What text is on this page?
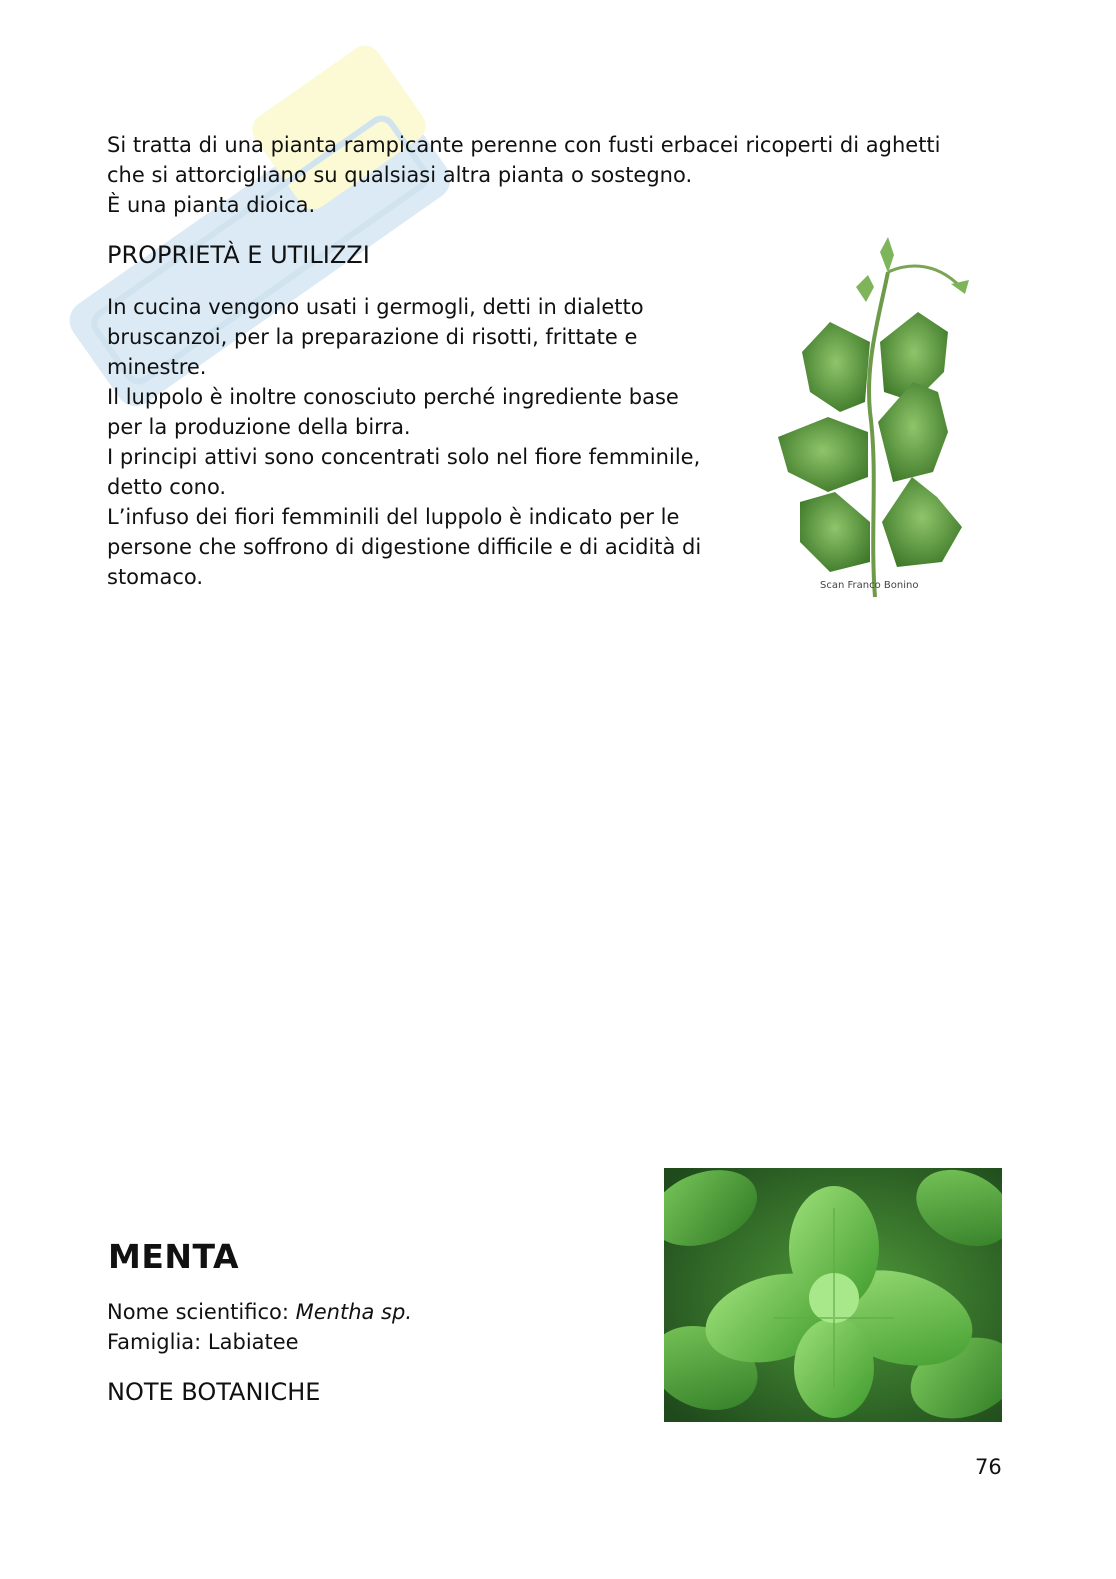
Si tratta di una pianta rampicante perenne con fusti erbacei ricoperti di aghetti
che si attorcigliano su qualsiasi altra pianta o sostegno.
È una pianta dioica.

PROPRIETÀ E UTILIZZI

In cucina vengono usati i germogli, detti in dialetto
bruscanzoi, per la preparazione di risotti, frittate e
minestre.
Il luppolo è inoltre conosciuto perché ingrediente base
per la produzione della birra.
I principi attivi sono concentrati solo nel fiore femminile,
detto cono.
L’infuso dei fiori femminili del luppolo è indicato per le
persone che soffrono di digestione difficile e di acidità di
stomaco.	Scan Franco Bonino
MENTA

Nome scientifico: Mentha sp.
Famiglia: Labiatee

NOTE BOTANICHE
76
